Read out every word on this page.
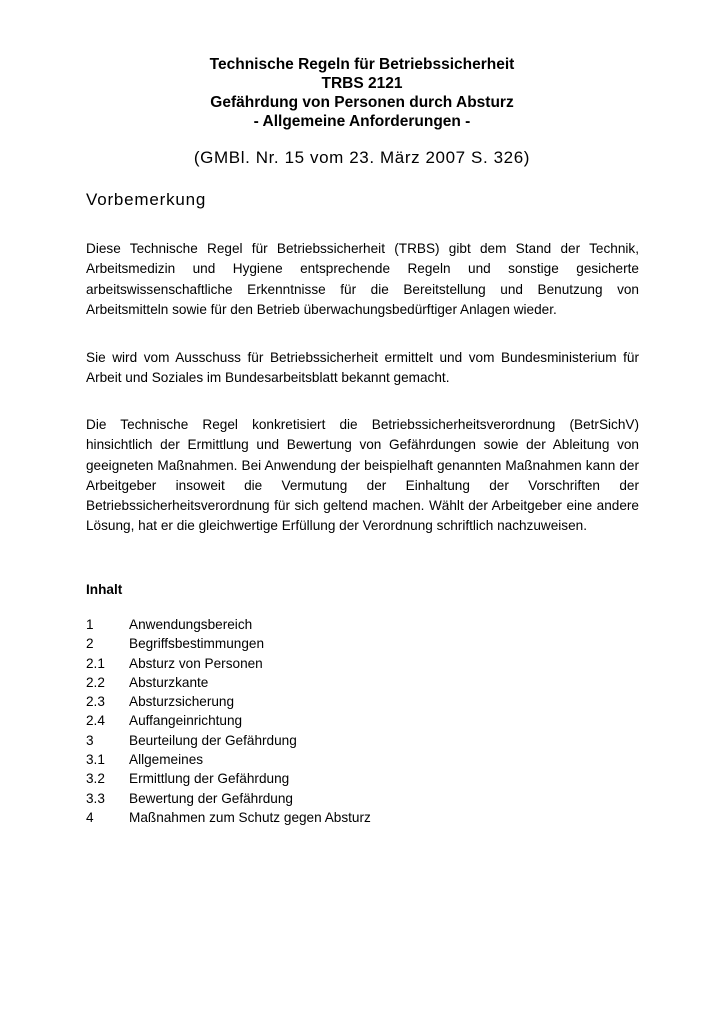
Technische Regeln für Betriebssicherheit
TRBS 2121
Gefährdung von Personen durch Absturz
- Allgemeine Anforderungen -
(GMBl. Nr. 15 vom 23. März 2007 S. 326)
Vorbemerkung

Diese Technische Regel für Betriebssicherheit (TRBS) gibt dem Stand der Technik, Arbeitsmedizin und Hygiene entsprechende Regeln und sonstige gesicherte arbeitswissenschaftliche Erkenntnisse für die Bereitstellung und Benutzung von Arbeitsmitteln sowie für den Betrieb überwachungsbedürftiger Anlagen wieder.

Sie wird vom Ausschuss für Betriebssicherheit ermittelt und vom Bundesministerium für Arbeit und Soziales im Bundesarbeitsblatt bekannt gemacht.

Die Technische Regel konkretisiert die Betriebssicherheitsverordnung (BetrSichV) hinsichtlich der Ermittlung und Bewertung von Gefährdungen sowie der Ableitung von geeigneten Maßnahmen. Bei Anwendung der beispielhaft genannten Maßnahmen kann der Arbeitgeber insoweit die Vermutung der Einhaltung der Vorschriften der Betriebssicherheitsverordnung für sich geltend machen. Wählt der Arbeitgeber eine andere Lösung, hat er die gleichwertige Erfüllung der Verordnung schriftlich nachzuweisen.

Inhalt
1	Anwendungsbereich
2	Begriffsbestimmungen
2.1	Absturz von Personen
2.2	Absturzkante
2.3	Absturzsicherung
2.4	Auffangeinrichtung
3	Beurteilung der Gefährdung
3.1	Allgemeines
3.2	Ermittlung der Gefährdung
3.3	Bewertung der Gefährdung
4	Maßnahmen zum Schutz gegen Absturz
